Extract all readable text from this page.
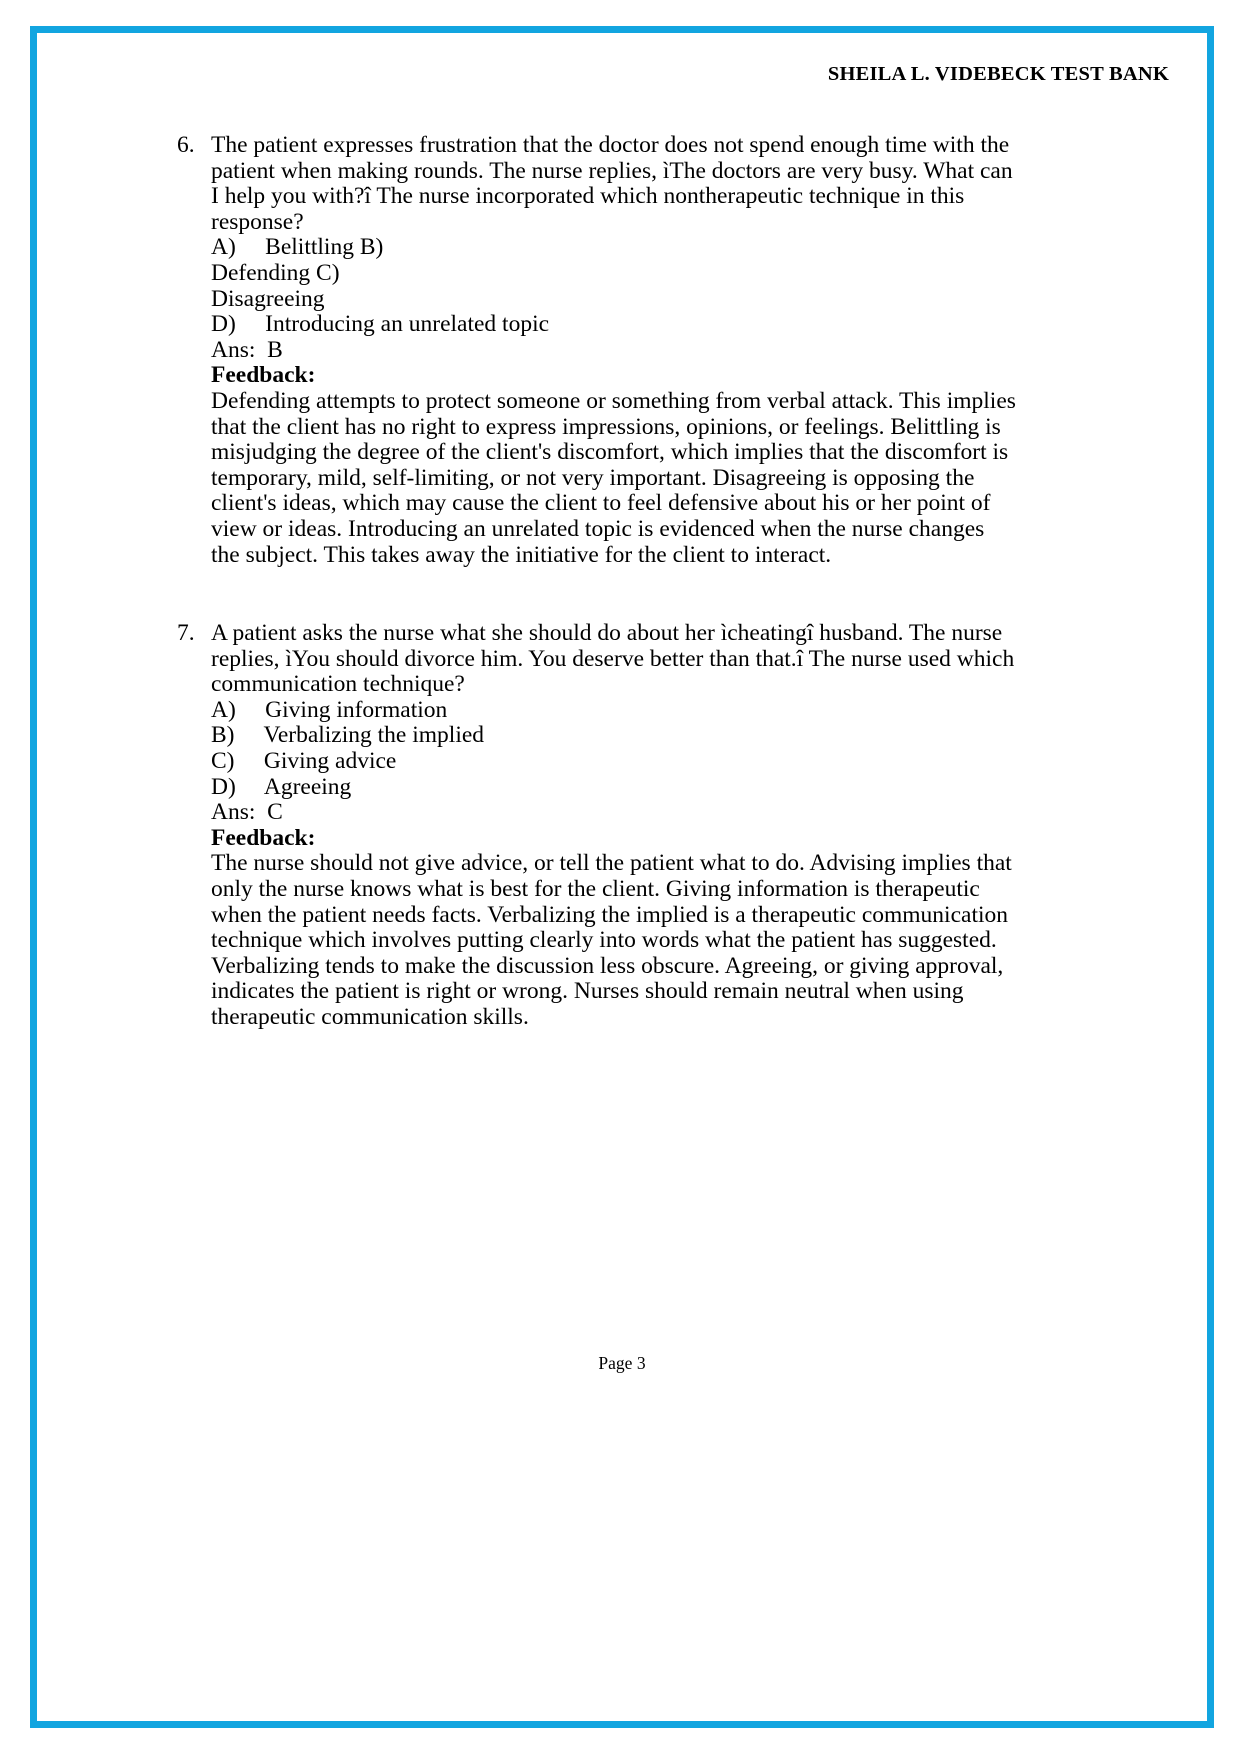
SHEILA L. VIDEBECK TEST BANK
6. The patient expresses frustration that the doctor does not spend enough time with the patient when making rounds. The nurse replies, ìThe doctors are very busy. What can I help you with?î The nurse incorporated which nontherapeutic technique in this response?

A)     Belittling B)
Defending C)
Disagreeing
D)     Introducing an unrelated topic
Ans:  B
Feedback:

Defending attempts to protect someone or something from verbal attack. This implies that the client has no right to express impressions, opinions, or feelings. Belittling is misjudging the degree of the client's discomfort, which implies that the discomfort is temporary, mild, self-limiting, or not very important. Disagreeing is opposing the client's ideas, which may cause the client to feel defensive about his or her point of view or ideas. Introducing an unrelated topic is evidenced when the nurse changes the subject. This takes away the initiative for the client to interact.

7. A patient asks the nurse what she should do about her ìcheatingî husband. The nurse replies, ìYou should divorce him. You deserve better than that.î The nurse used which communication technique?

A)     Giving information
B)     Verbalizing the implied
C)     Giving advice
D)     Agreeing
Ans:  C
Feedback:

The nurse should not give advice, or tell the patient what to do. Advising implies that only the nurse knows what is best for the client. Giving information is therapeutic when the patient needs facts. Verbalizing the implied is a therapeutic communication technique which involves putting clearly into words what the patient has suggested. Verbalizing tends to make the discussion less obscure. Agreeing, or giving approval, indicates the patient is right or wrong. Nurses should remain neutral when using therapeutic communication skills.

Page 3
